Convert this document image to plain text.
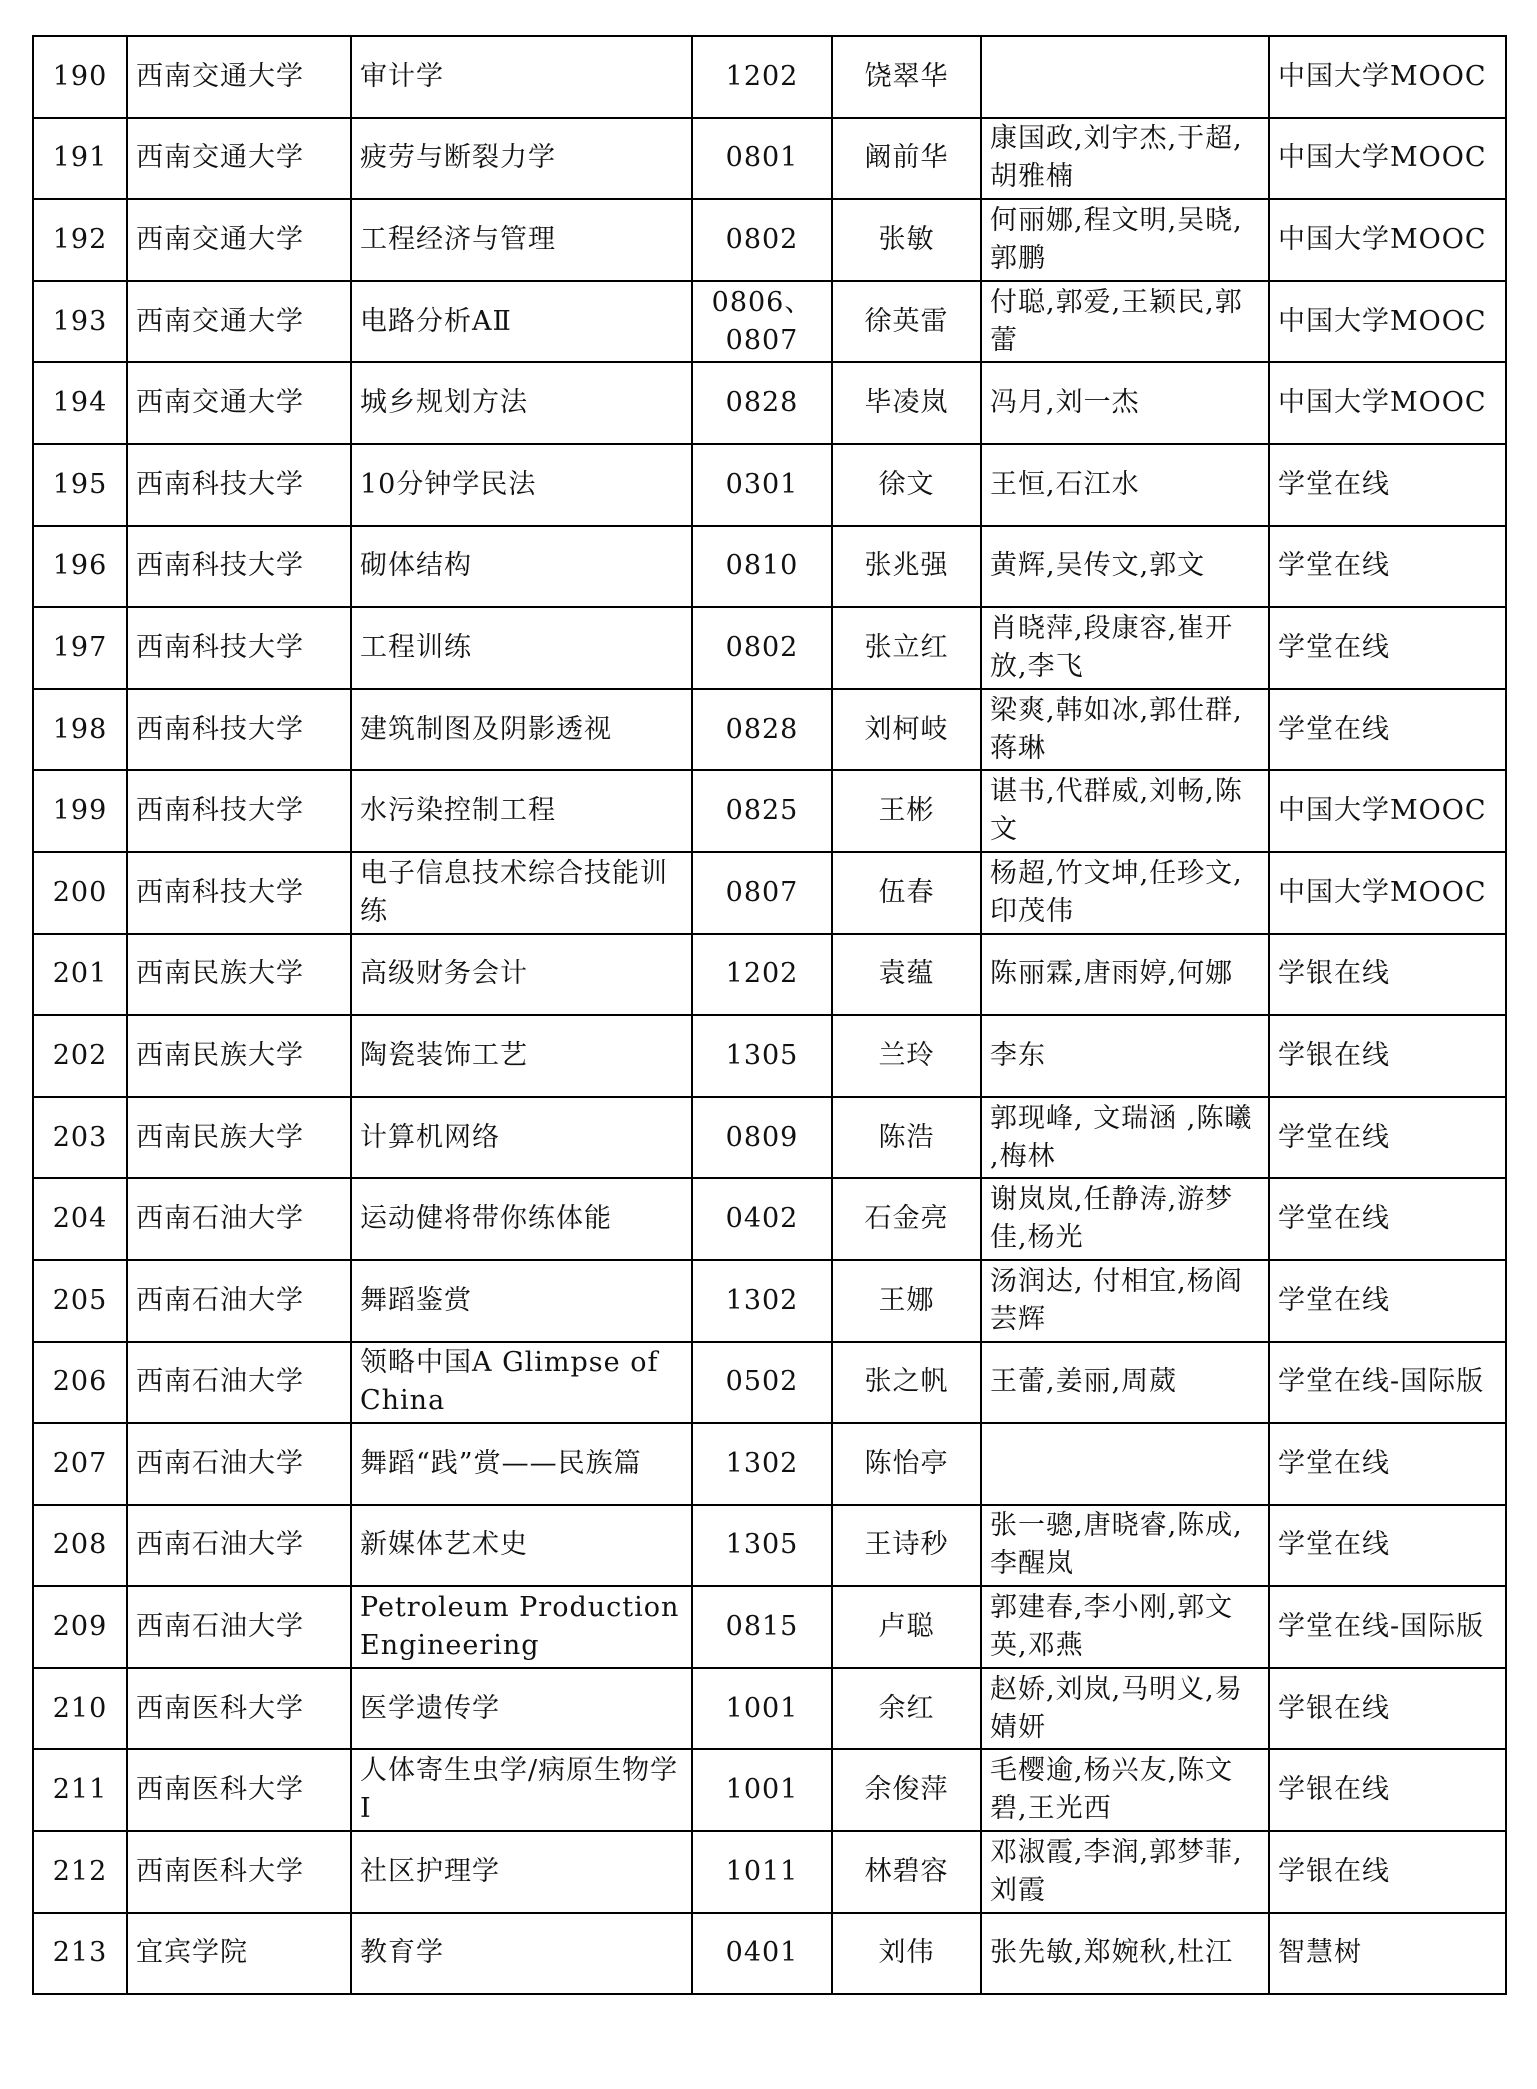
190	西南交通大学	审计学	1202	饶翠华		中国大学MOOC
191	西南交通大学	疲劳与断裂力学	0801	阚前华	康国政,刘宇杰,于超,胡雅楠	中国大学MOOC
192	西南交通大学	工程经济与管理	0802	张敏	何丽娜,程文明,吴晓,郭鹏	中国大学MOOC
193	西南交通大学	电路分析AⅡ	0806、0807	徐英雷	付聪,郭爱,王颖民,郭蕾	中国大学MOOC
194	西南交通大学	城乡规划方法	0828	毕凌岚	冯月,刘一杰	中国大学MOOC
195	西南科技大学	10分钟学民法	0301	徐文	王恒,石江水	学堂在线
196	西南科技大学	砌体结构	0810	张兆强	黄辉,吴传文,郭文	学堂在线
197	西南科技大学	工程训练	0802	张立红	肖晓萍,段康容,崔开放,李飞	学堂在线
198	西南科技大学	建筑制图及阴影透视	0828	刘柯岐	梁爽,韩如冰,郭仕群,蒋琳	学堂在线
199	西南科技大学	水污染控制工程	0825	王彬	谌书,代群威,刘畅,陈文	中国大学MOOC
200	西南科技大学	电子信息技术综合技能训练	0807	伍春	杨超,竹文坤,任珍文,印茂伟	中国大学MOOC
201	西南民族大学	高级财务会计	1202	袁蕴	陈丽霖,唐雨婷,何娜	学银在线
202	西南民族大学	陶瓷装饰工艺	1305	兰玲	李东	学银在线
203	西南民族大学	计算机网络	0809	陈浩	郭现峰, 文瑞涵 ,陈曦 ,梅林	学堂在线
204	西南石油大学	运动健将带你练体能	0402	石金亮	谢岚岚,任静涛,游梦佳,杨光	学堂在线
205	西南石油大学	舞蹈鉴赏	1302	王娜	汤润达, 付相宜,杨阎芸辉	学堂在线
206	西南石油大学	领略中国A Glimpse of China	0502	张之帆	王蕾,姜丽,周葳	学堂在线-国际版
207	西南石油大学	舞蹈“践”赏——民族篇	1302	陈怡亭		学堂在线
208	西南石油大学	新媒体艺术史	1305	王诗秒	张一骢,唐晓睿,陈成,李醒岚	学堂在线
209	西南石油大学	Petroleum Production Engineering	0815	卢聪	郭建春,李小刚,郭文英,邓燕	学堂在线-国际版
210	西南医科大学	医学遗传学	1001	余红	赵娇,刘岚,马明义,易婧妍	学银在线
211	西南医科大学	人体寄生虫学/病原生物学I	1001	余俊萍	毛樱逾,杨兴友,陈文碧,王光西	学银在线
212	西南医科大学	社区护理学	1011	林碧容	邓淑霞,李润,郭梦菲,刘霞	学银在线
213	宜宾学院	教育学	0401	刘伟	张先敏,郑婉秋,杜江	智慧树
